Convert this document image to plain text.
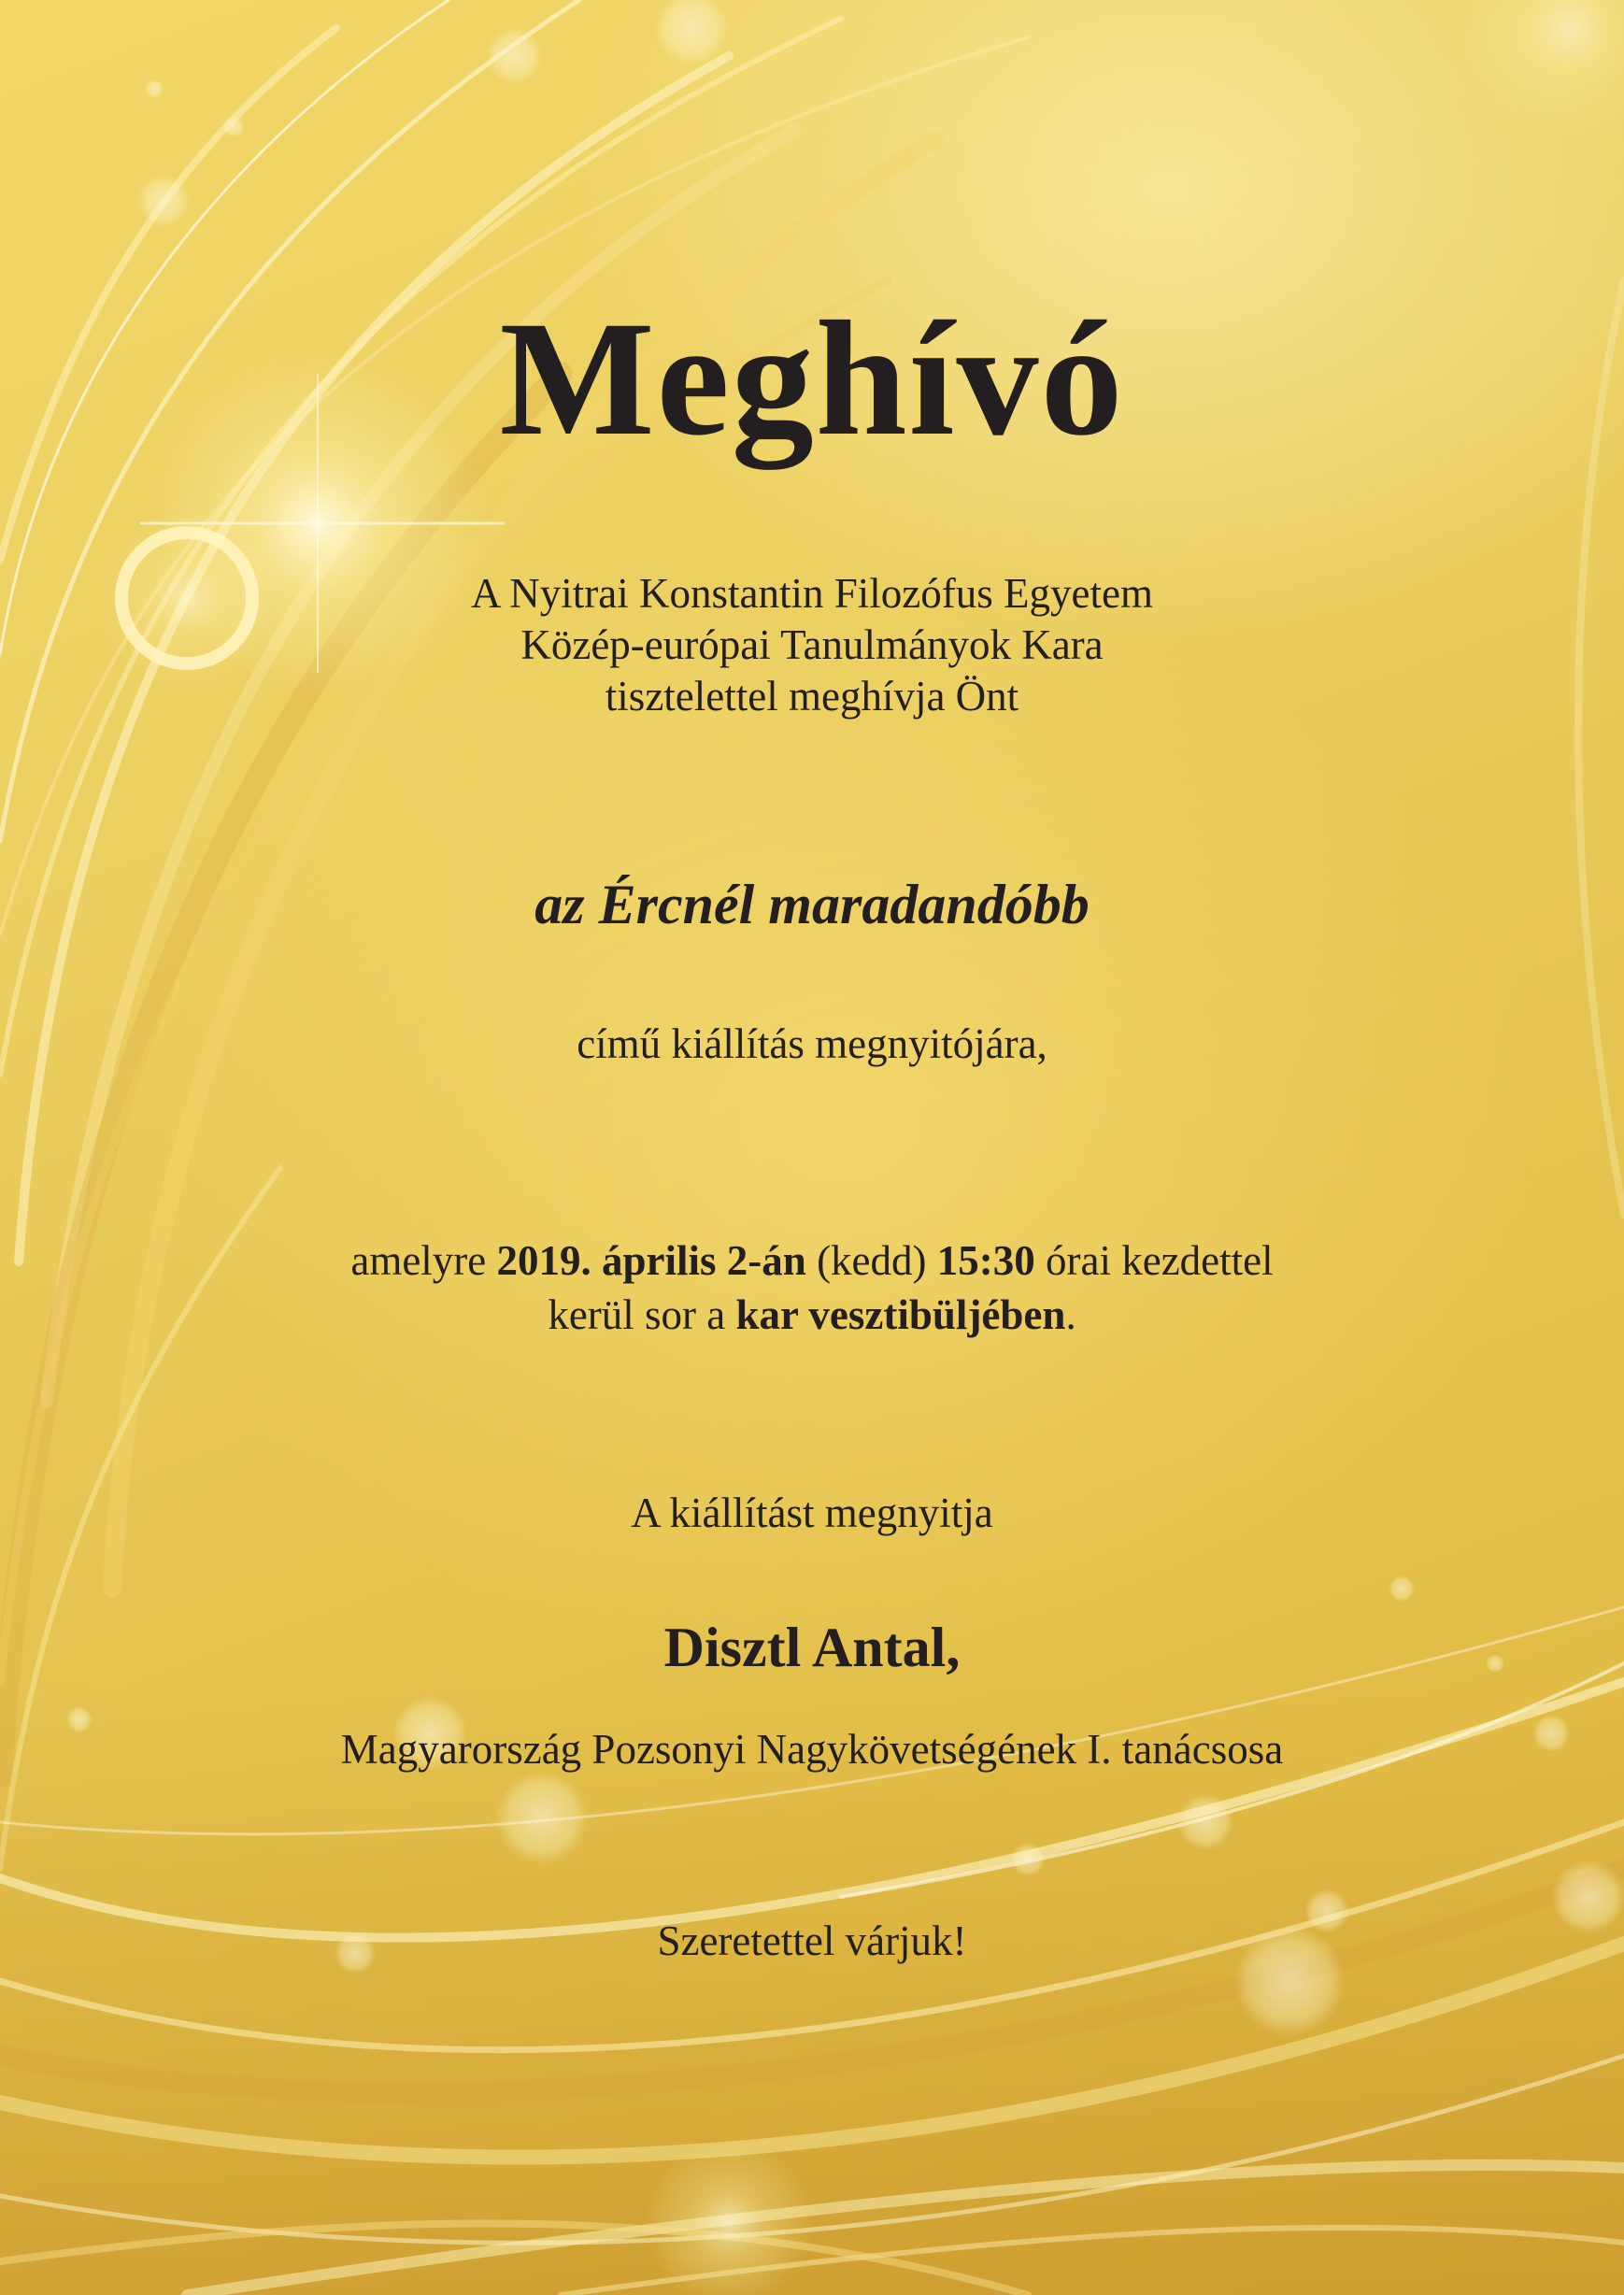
Meghívó

A Nyitrai Konstantin Filozófus Egyetem

Közép-európai Tanulmányok Kara

tisztelettel meghívja Önt

az Ércnél maradandóbb

című kiállítás megnyitójára,

amelyre 2019. április 2-án (kedd) 15:30 órai kezdettel

kerül sor a kar vesztibüljében.

A kiállítást megnyitja

Disztl Antal,

Magyarország Pozsonyi Nagykövetségének I. tanácsosa

Szeretettel várjuk!
